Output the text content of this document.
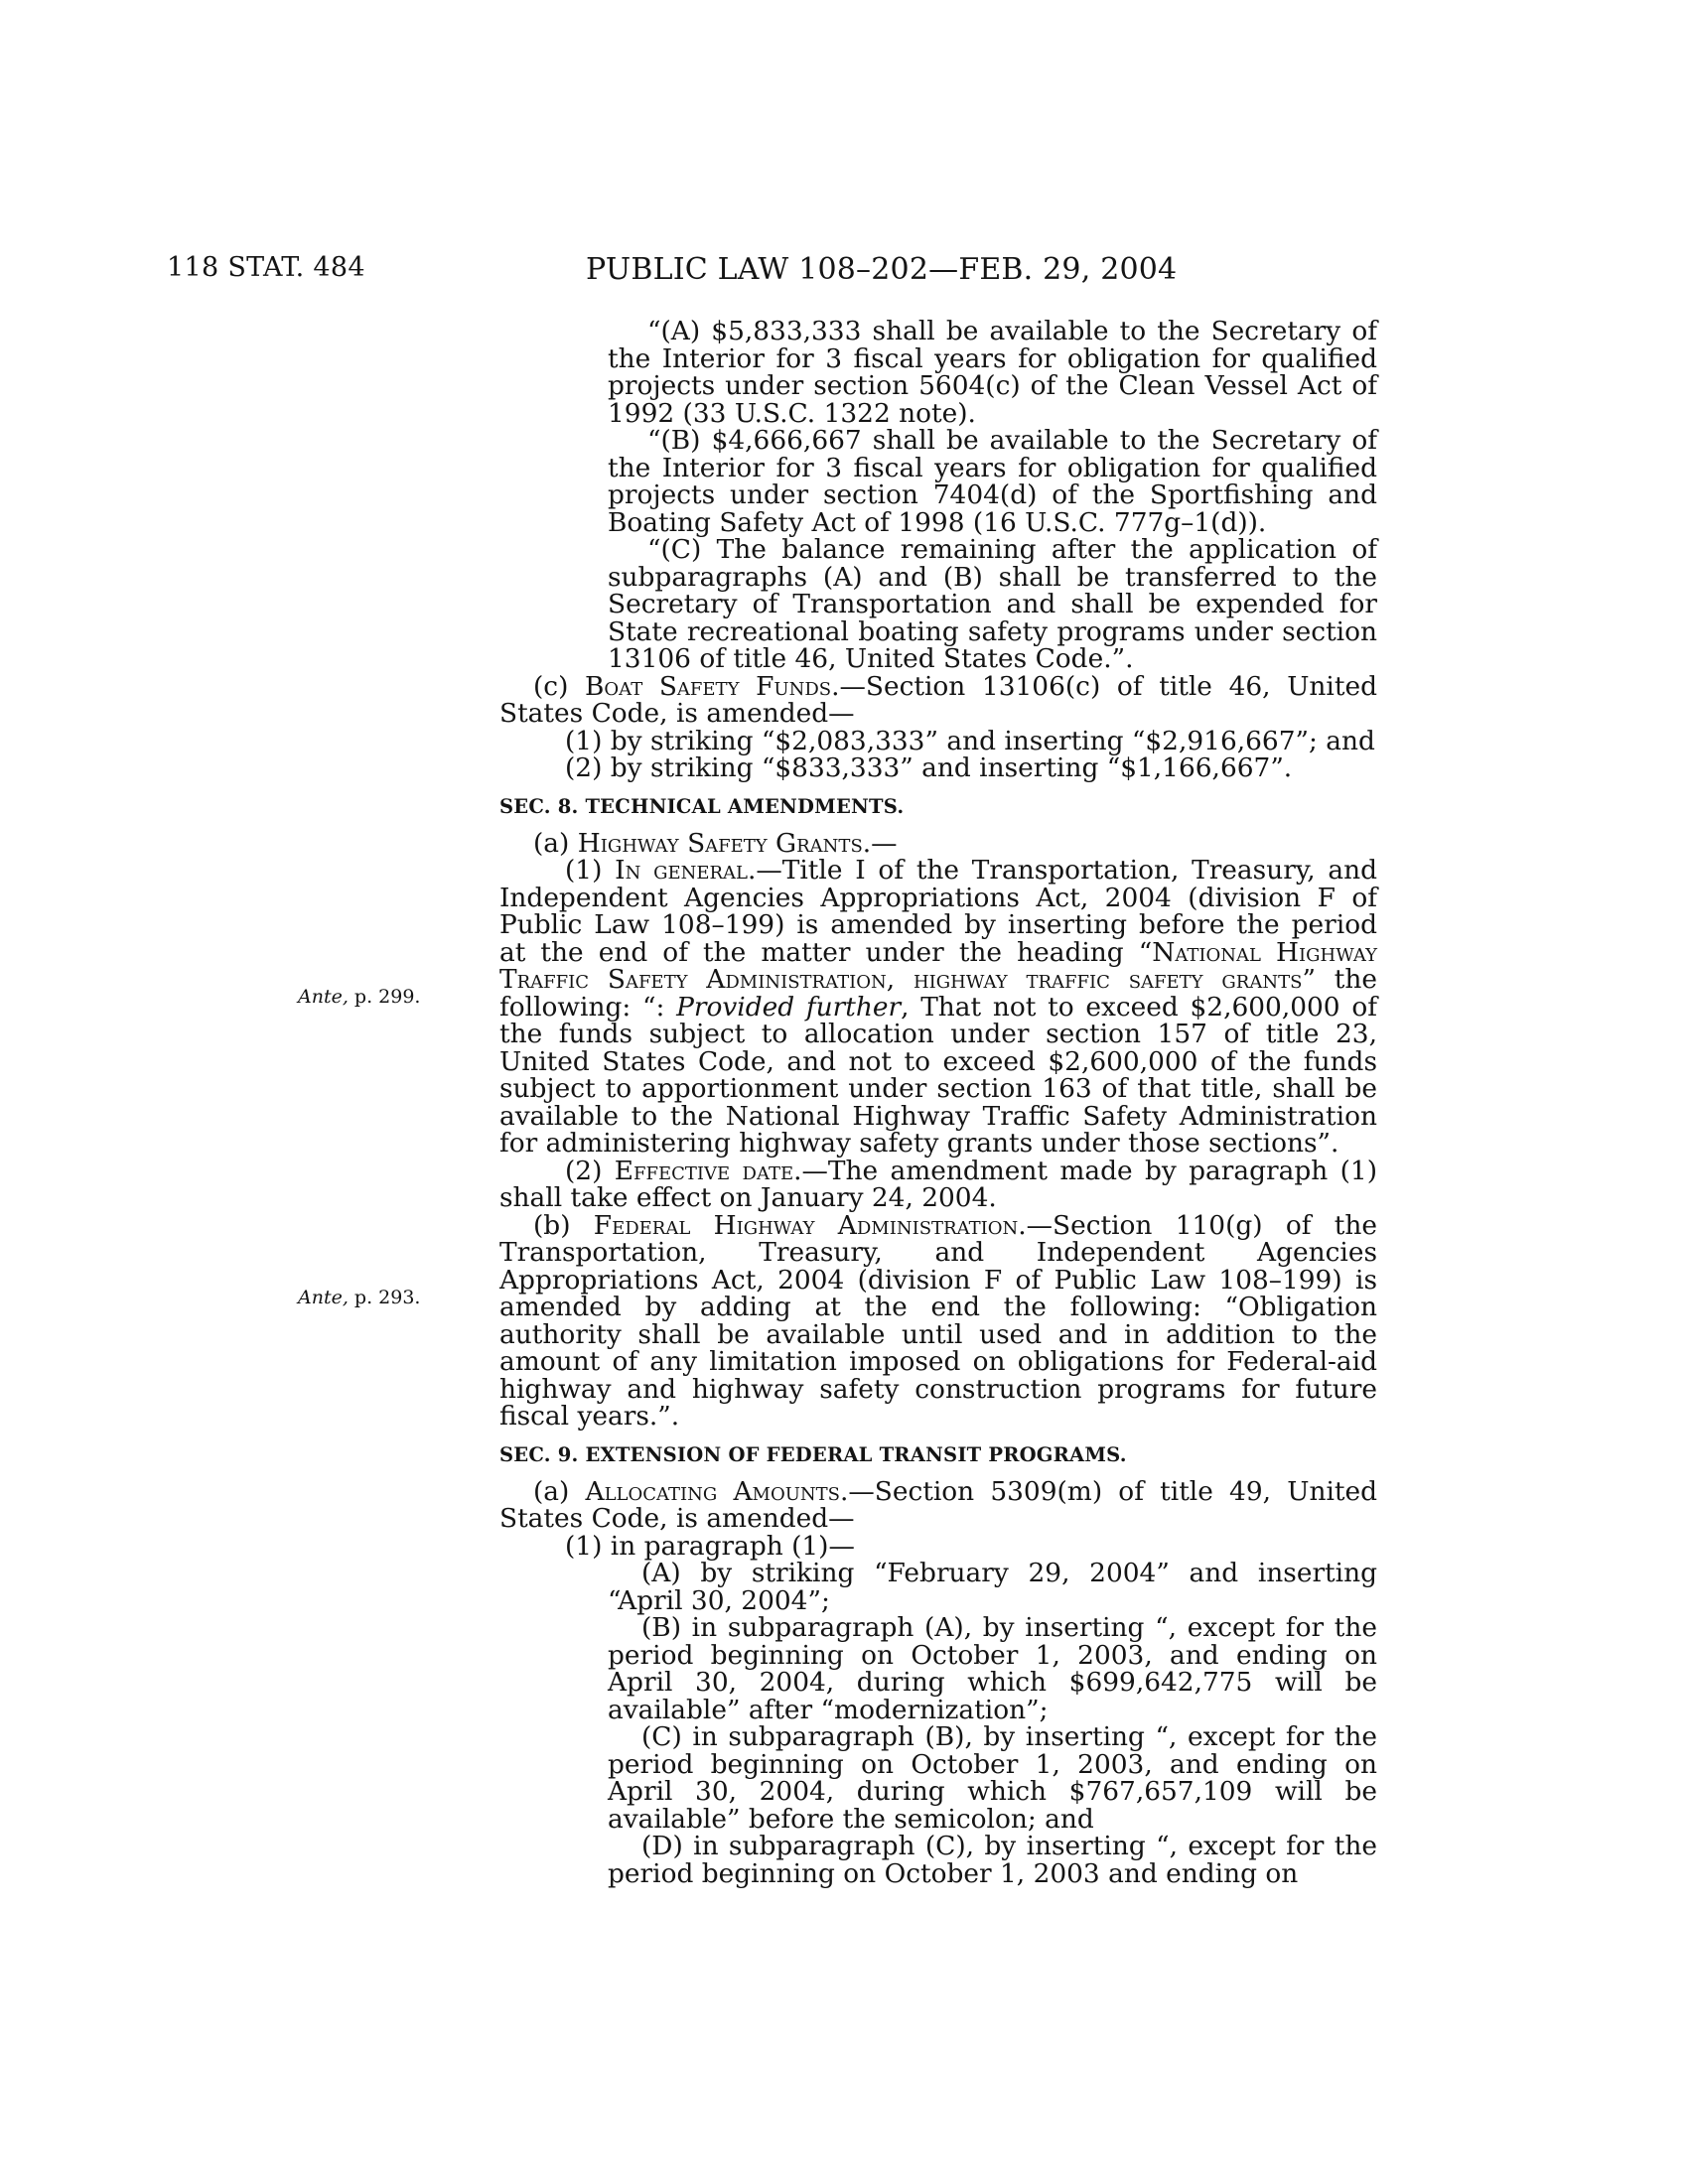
118 STAT. 484	PUBLIC LAW 108–202—FEB. 29, 2004
Ante, p. 299.
Ante, p. 293.

“(A) $5,833,333 shall be available to the Secretary of the Interior for 3 fiscal years for obligation for qualified projects under section 5604(c) of the Clean Vessel Act of 1992 (33 U.S.C. 1322 note).

“(B) $4,666,667 shall be available to the Secretary of the Interior for 3 fiscal years for obligation for qualified projects under section 7404(d) of the Sportfishing and Boating Safety Act of 1998 (16 U.S.C. 777g–1(d)).

“(C) The balance remaining after the application of subparagraphs (A) and (B) shall be transferred to the Secretary of Transportation and shall be expended for State recreational boating safety programs under section 13106 of title 46, United States Code.”.

(c) Boat Safety Funds.—Section 13106(c) of title 46, United States Code, is amended—

(1) by striking “$2,083,333” and inserting “$2,916,667”; and

(2) by striking “$833,333” and inserting “$1,166,667”.

SEC. 8. TECHNICAL AMENDMENTS.

(a) Highway Safety Grants.—

(1) In general.—Title I of the Transportation, Treasury, and Independent Agencies Appropriations Act, 2004 (division F of Public Law 108–199) is amended by inserting before the period at the end of the matter under the heading “National Highway Traffic Safety Administration, highway traffic safety grants” the following: “: Provided further, That not to exceed $2,600,000 of the funds subject to allocation under section 157 of title 23, United States Code, and not to exceed $2,600,000 of the funds subject to apportionment under section 163 of that title, shall be available to the National Highway Traffic Safety Administration for administering highway safety grants under those sections”.

(2) Effective date.—The amendment made by paragraph (1) shall take effect on January 24, 2004.

(b) Federal Highway Administration.—Section 110(g) of the Transportation, Treasury, and Independent Agencies Appropriations Act, 2004 (division F of Public Law 108–199) is amended by adding at the end the following: “Obligation authority shall be available until used and in addition to the amount of any limitation imposed on obligations for Federal-aid highway and highway safety construction programs for future fiscal years.”.

SEC. 9. EXTENSION OF FEDERAL TRANSIT PROGRAMS.

(a) Allocating Amounts.—Section 5309(m) of title 49, United States Code, is amended—

(1) in paragraph (1)—

(A) by striking “February 29, 2004” and inserting “April 30, 2004”;

(B) in subparagraph (A), by inserting “, except for the period beginning on October 1, 2003, and ending on April 30, 2004, during which $699,642,775 will be available” after “modernization”;

(C) in subparagraph (B), by inserting “, except for the period beginning on October 1, 2003, and ending on April 30, 2004, during which $767,657,109 will be available” before the semicolon; and

(D) in subparagraph (C), by inserting “, except for the period beginning on October 1, 2003 and ending on
